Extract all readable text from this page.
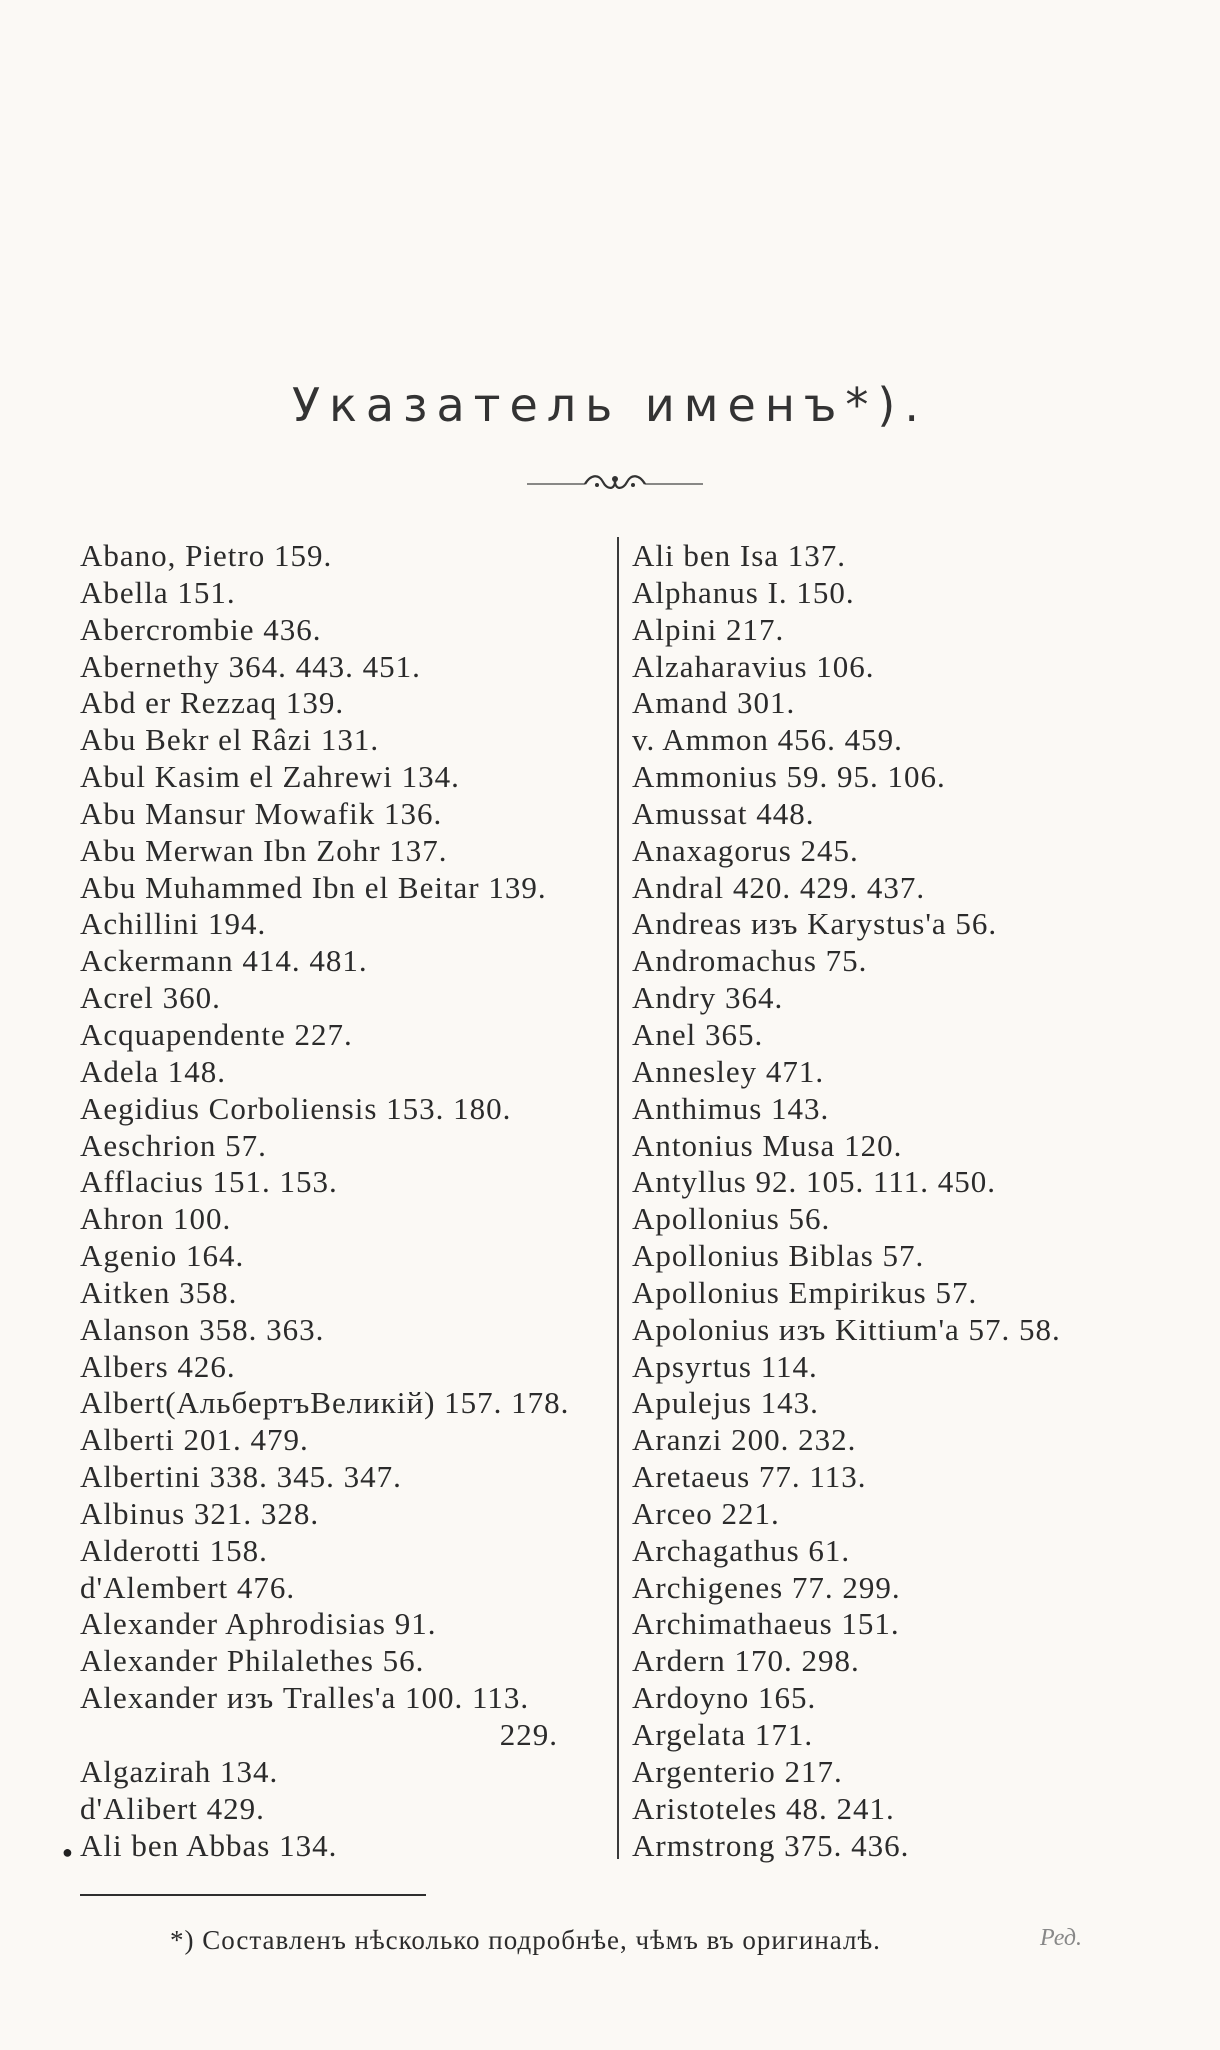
Указатель именъ*).
Abano, Pietro 159.
Abella 151.
Abercrombie 436.
Abernethy 364. 443. 451.
Abd er Rezzaq 139.
Abu Bekr el Râzi 131.
Abul Kasim el Zahrewi 134.
Abu Mansur Mowafik 136.
Abu Merwan Ibn Zohr 137.
Abu Muhammed Ibn el Beitar 139.
Achillini 194.
Ackermann 414. 481.
Acrel 360.
Acquapendente 227.
Adela 148.
Aegidius Corboliensis 153. 180.
Aeschrion 57.
Afflacius 151. 153.
Ahron 100.
Agenio 164.
Aitken 358.
Alanson 358. 363.
Albers 426.
Albert(АльбертъВеликій) 157. 178.
Alberti 201. 479.
Albertini 338. 345. 347.
Albinus 321. 328.
Alderotti 158.
d'Alembert 476.
Alexander Aphrodisias 91.
Alexander Philalethes 56.
Alexander изъ Tralles'a 100. 113.
229.
Algazirah 134.
d'Alibert 429.
Ali ben Abbas 134.
Ali ben Isa 137.
Alphanus I. 150.
Alpini 217.
Alzaharavius 106.
Amand 301.
v. Ammon 456. 459.
Ammonius 59. 95. 106.
Amussat 448.
Anaxagorus 245.
Andral 420. 429. 437.
Andreas изъ Karystus'a 56.
Andromachus 75.
Andry 364.
Anel 365.
Annesley 471.
Anthimus 143.
Antonius Musa 120.
Antyllus 92. 105. 111. 450.
Apollonius 56.
Apollonius Biblas 57.
Apollonius Empirikus 57.
Apolonius изъ Kittium'a 57. 58.
Apsyrtus 114.
Apulejus 143.
Aranzi 200. 232.
Aretaeus 77. 113.
Arceo 221.
Archagathus 61.
Archigenes 77. 299.
Archimathaeus 151.
Ardern 170. 298.
Ardoyno 165.
Argelata 171.
Argenterio 217.
Aristoteles 48. 241.
Armstrong 375. 436.
●
*) Составленъ нѣсколько подробнѣе, чѣмъ въ оригиналѣ.	Ред.
